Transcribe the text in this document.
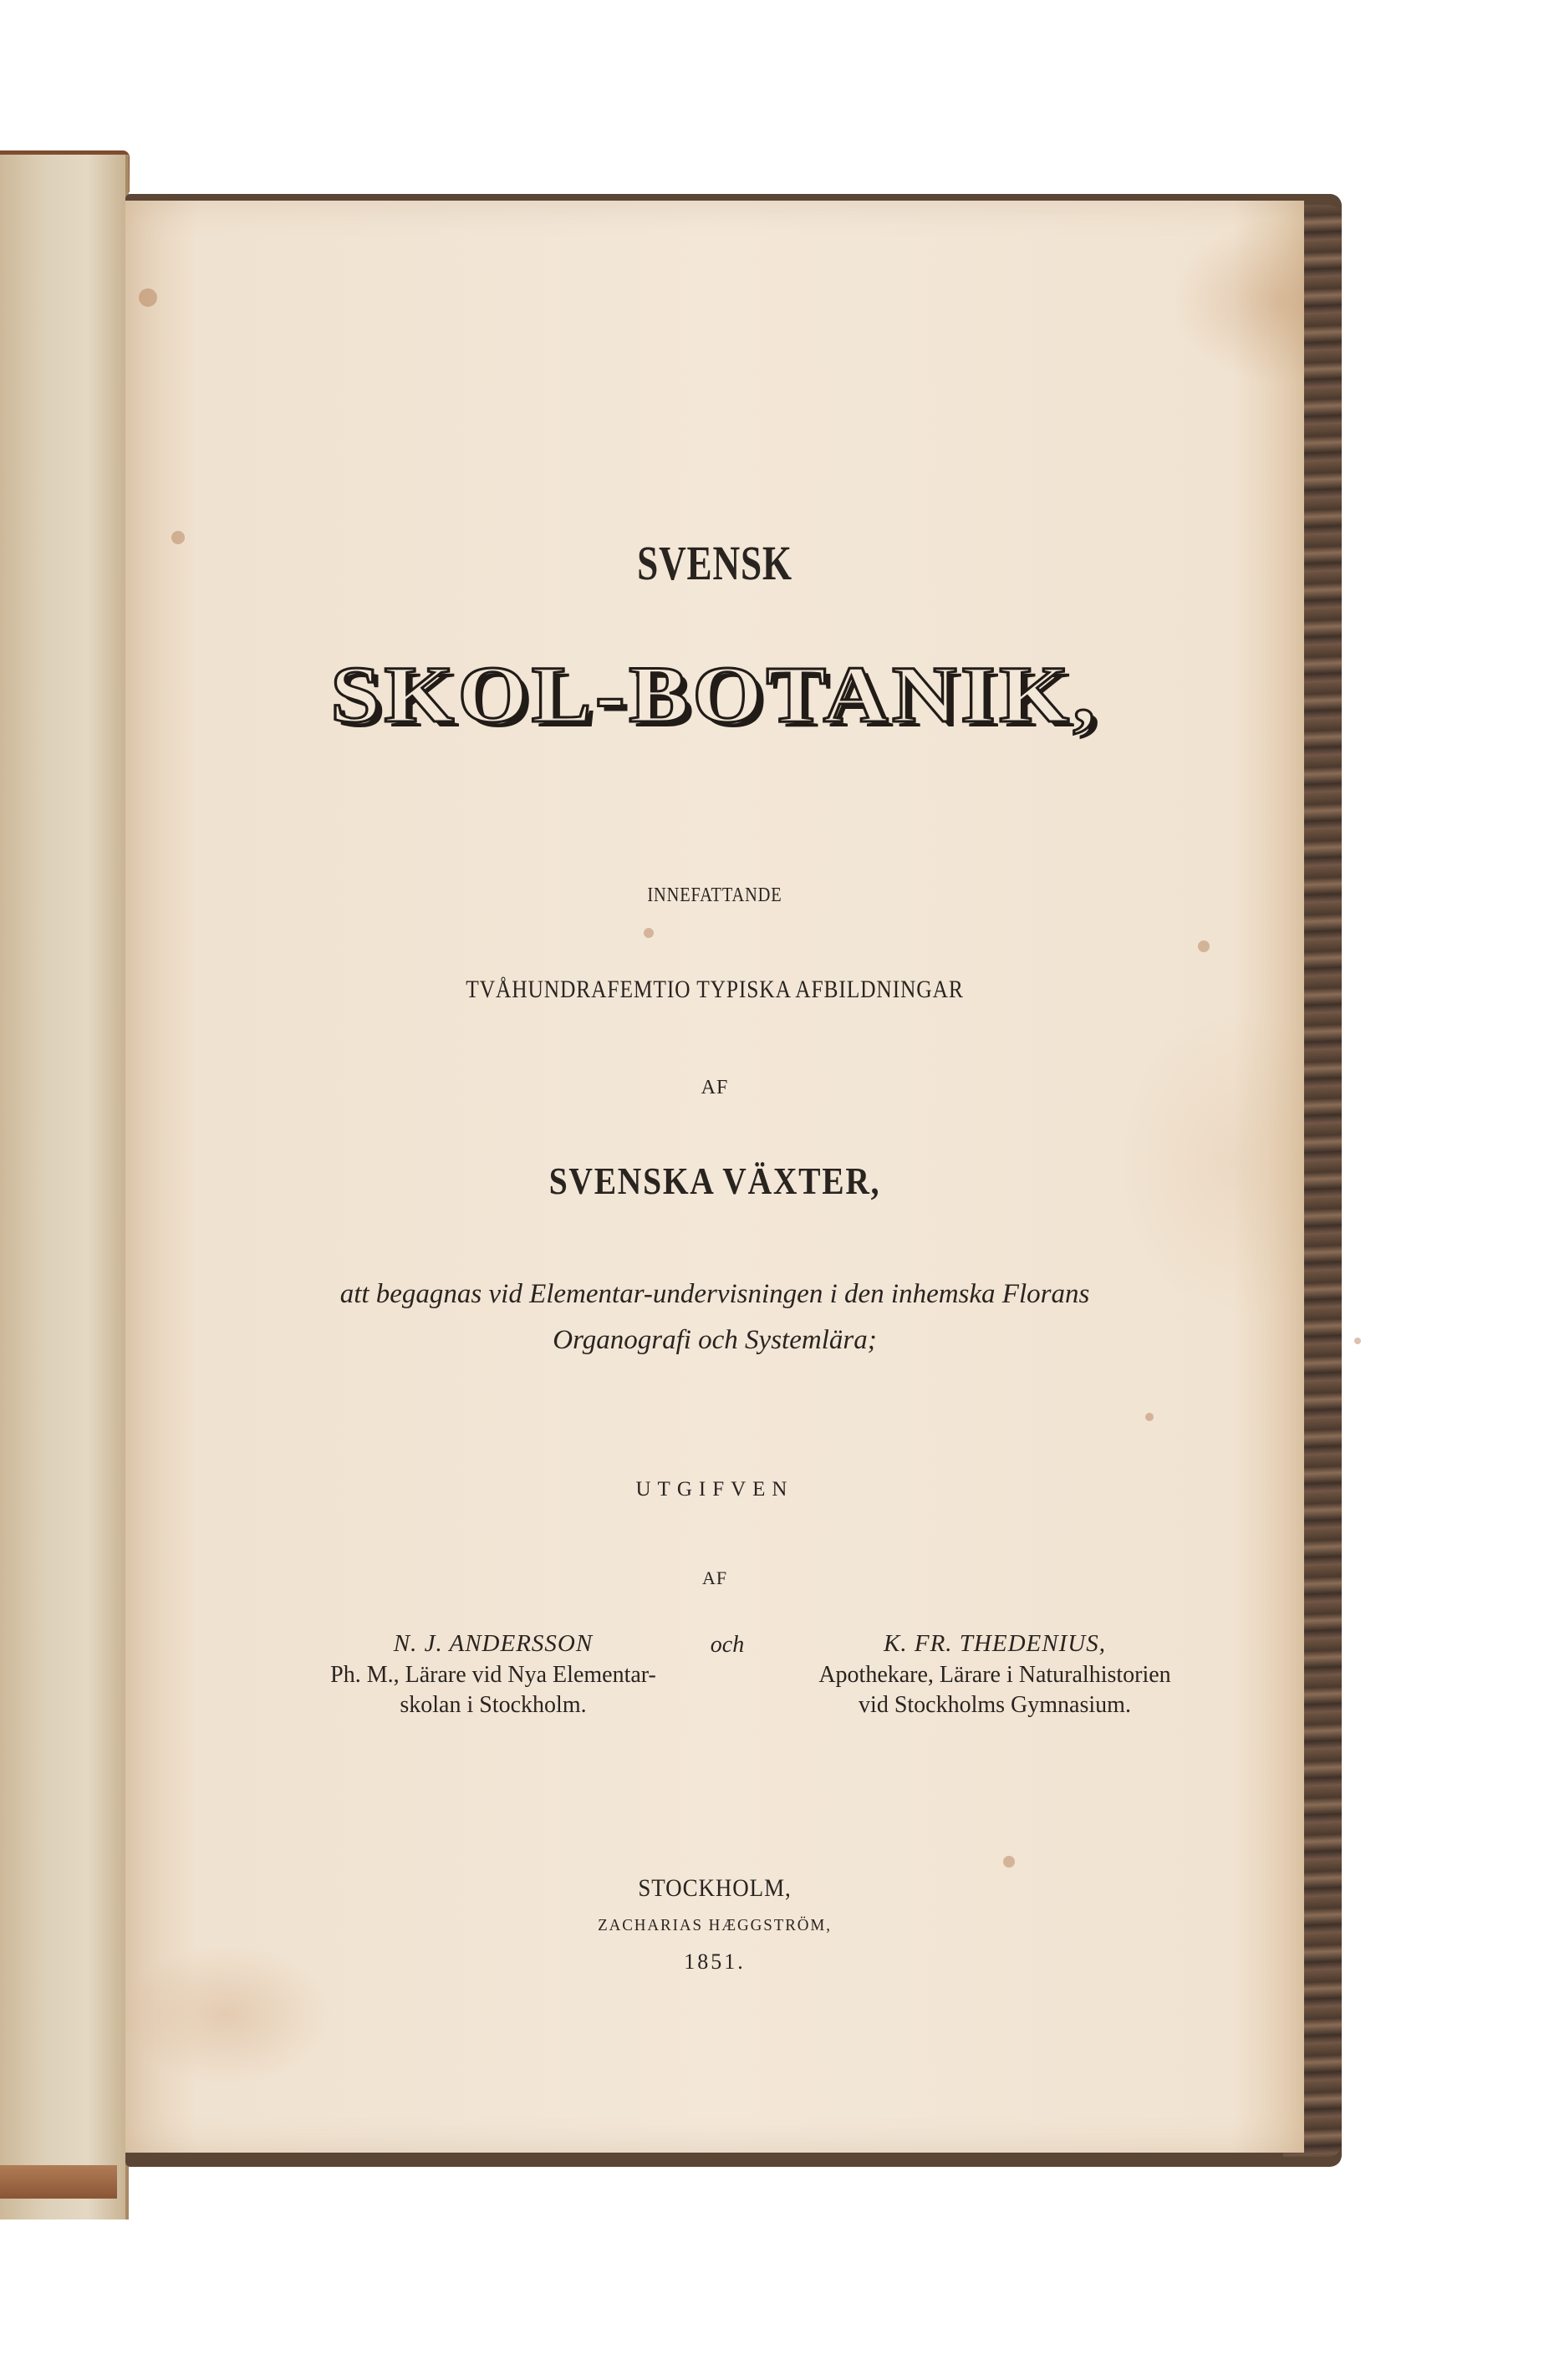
SVENSK
SKOL-BOTANIK,
INNEFATTANDE
TVÅHUNDRAFEMTIO TYPISKA AFBILDNINGAR
AF
SVENSKA VÄXTER,
att begagnas vid Elementar-undervisningen i den inhemska Florans
Organografi och Systemlära;
UTGIFVEN
AF
N. J. ANDERSSON
Ph. M., Lärare vid Nya Elementar-
skolan i Stockholm.
och	K. FR. THEDENIUS,
Apothekare, Lärare i Naturalhistorien
vid Stockholms Gymnasium.
STOCKHOLM,
ZACHARIAS HÆGGSTRÖM,
1851.
